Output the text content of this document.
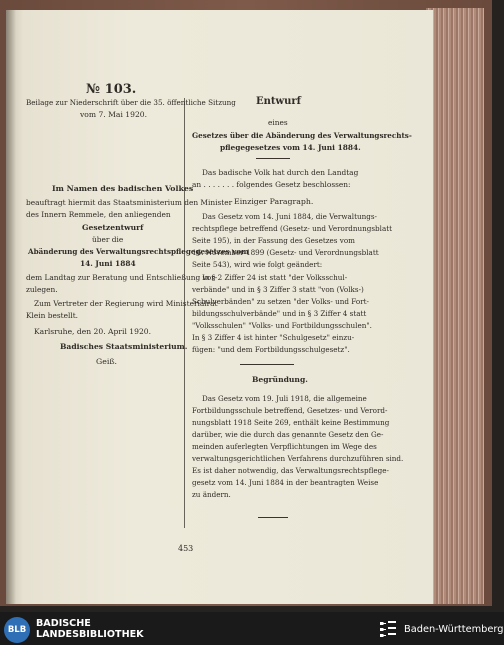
№ 103.
Beilage zur Niederschrift über die 35. öffentliche Sitzung
vom 7. Mai 1920.
Im Namen des badischen Volkes
beauftragt hiermit das Staatsministerium den Minister
des Innern Remmele, den anliegenden
Gesetzentwurf
über die
Abänderung des Verwaltungsrechtspflegegesetzes vom
14. Juni 1884
dem Landtag zur Beratung und Entschließung vor-
zulegen.
Zum Vertreter der Regierung wird Ministerialrat
Klein bestellt.
Karlsruhe, den 20. April 1920.
Badisches Staatsministerium.
Geiß.
Entwurf
eines
Gesetzes über die Abänderung des Verwaltungsrechts-
pflegegesetzes vom 14. Juni 1884.
Das badische Volk hat durch den Landtag
an . . . . . . . folgendes Gesetz beschlossen:
Einziger Paragraph.
Das Gesetz vom 14. Juni 1884, die Verwaltungs-
rechtspflege betreffend (Gesetz- und Verordnungsblatt
Seite 195), in der Fassung des Gesetzes vom
16. November 1899 (Gesetz- und Verordnungsblatt
Seite 543), wird wie folgt geändert:
In § 2 Ziffer 24 ist statt "der Volksschul-
verbände" und in § 3 Ziffer 3 statt "von (Volks-)
Schulverbänden" zu setzen "der Volks- und Fort-
bildungsschulverbände" und in § 3 Ziffer 4 statt
"Volksschulen" "Volks- und Fortbildungsschulen".
In § 3 Ziffer 4 ist hinter "Schulgesetz" einzu-
fügen: "und dem Fortbildungsschulgesetz".
Begründung.
Das Gesetz vom 19. Juli 1918, die allgemeine
Fortbildungsschule betreffend, Gesetzes- und Verord-
nungsblatt 1918 Seite 269, enthält keine Bestimmung
darüber, wie die durch das genannte Gesetz den Ge-
meinden auferlegten Verpflichtungen im Wege des
verwaltungsgerichtlichen Verfahrens durchzuführen sind.
Es ist daher notwendig, das Verwaltungsrechtspflege-
gesetz vom 14. Juni 1884 in der beantragten Weise
zu ändern.
453
BLB
BADISCHE
LANDESBIBLIOTHEK	Baden-Württemberg
